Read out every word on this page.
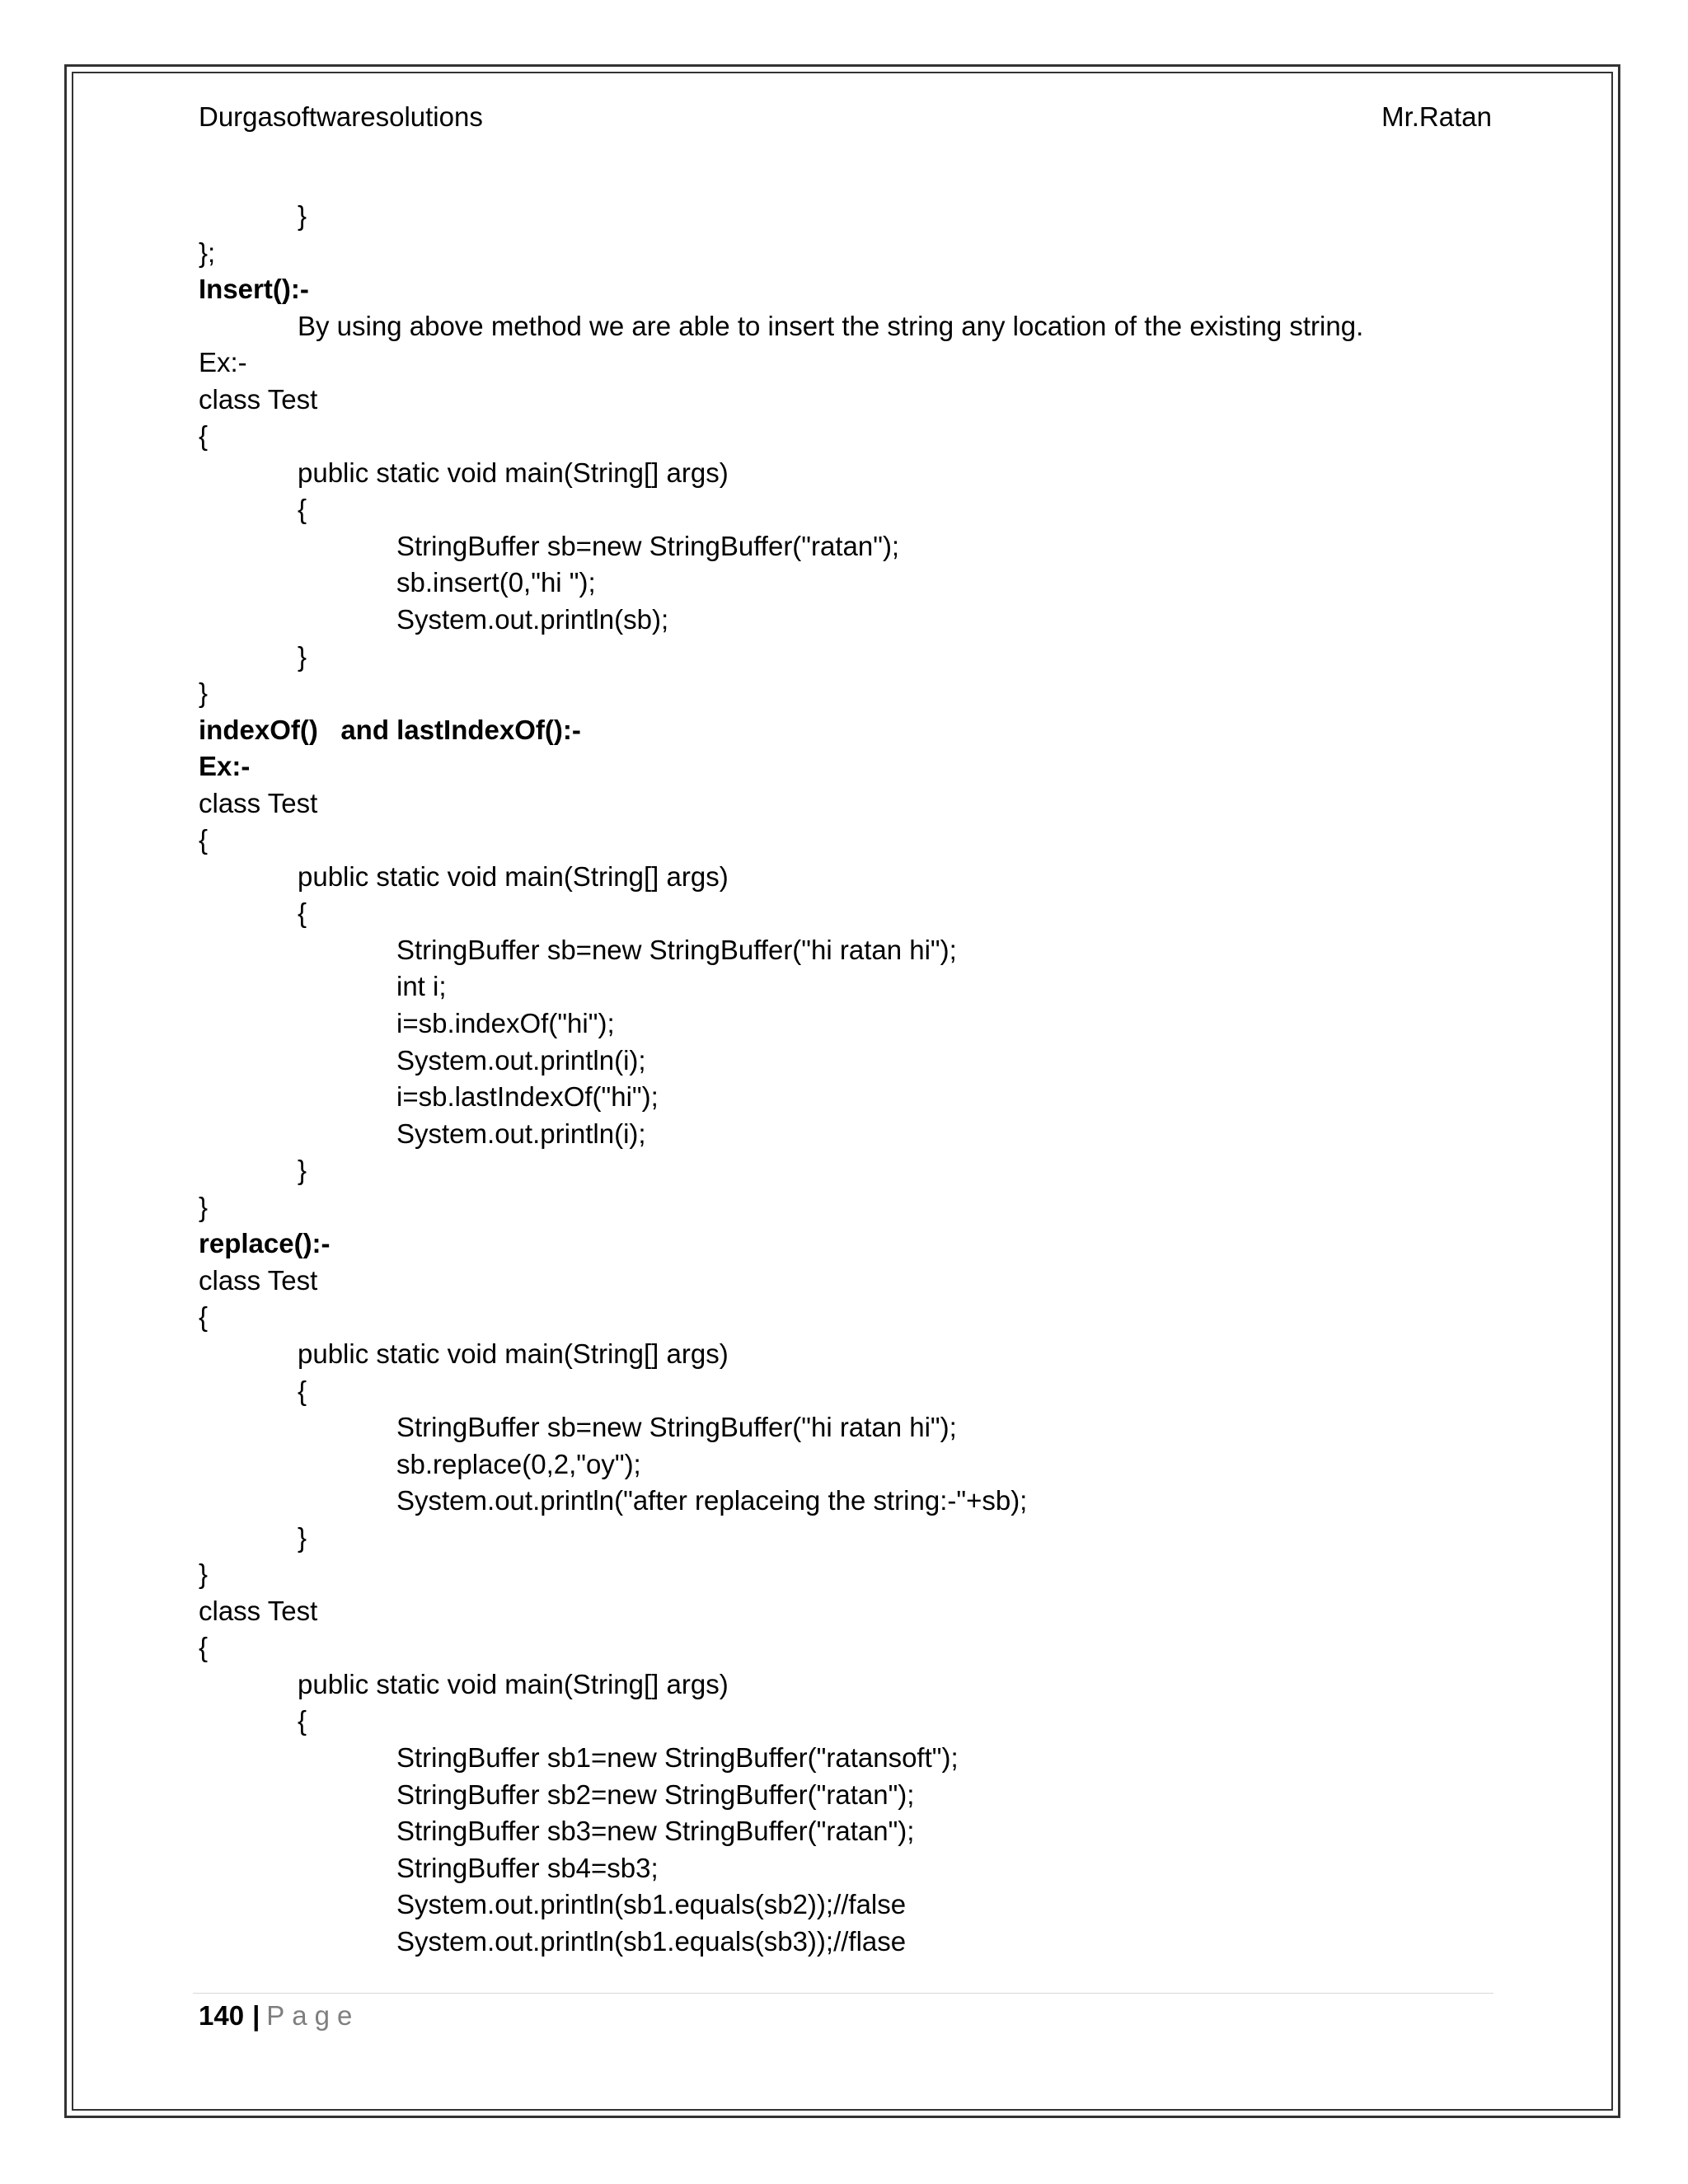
Durgasoftwaresolutions	Mr.Ratan
}
};
Insert():-
By using above method we are able to insert the string any location of the existing string.
Ex:-
class Test
{
public static void main(String[] args)
{
StringBuffer sb=new StringBuffer("ratan");
sb.insert(0,"hi ");
System.out.println(sb);
}
}
indexOf()   and lastIndexOf():-
Ex:-
class Test
{
public static void main(String[] args)
{
StringBuffer sb=new StringBuffer("hi ratan hi");
int i;
i=sb.indexOf("hi");
System.out.println(i);
i=sb.lastIndexOf("hi");
System.out.println(i);
}
}
replace():-
class Test
{
public static void main(String[] args)
{
StringBuffer sb=new StringBuffer("hi ratan hi");
sb.replace(0,2,"oy");
System.out.println("after replaceing the string:-"+sb);
}
}
class Test
{
public static void main(String[] args)
{
StringBuffer sb1=new StringBuffer("ratansoft");
StringBuffer sb2=new StringBuffer("ratan");
StringBuffer sb3=new StringBuffer("ratan");
StringBuffer sb4=sb3;
System.out.println(sb1.equals(sb2));//false
System.out.println(sb1.equals(sb3));//flase
140 | Page
